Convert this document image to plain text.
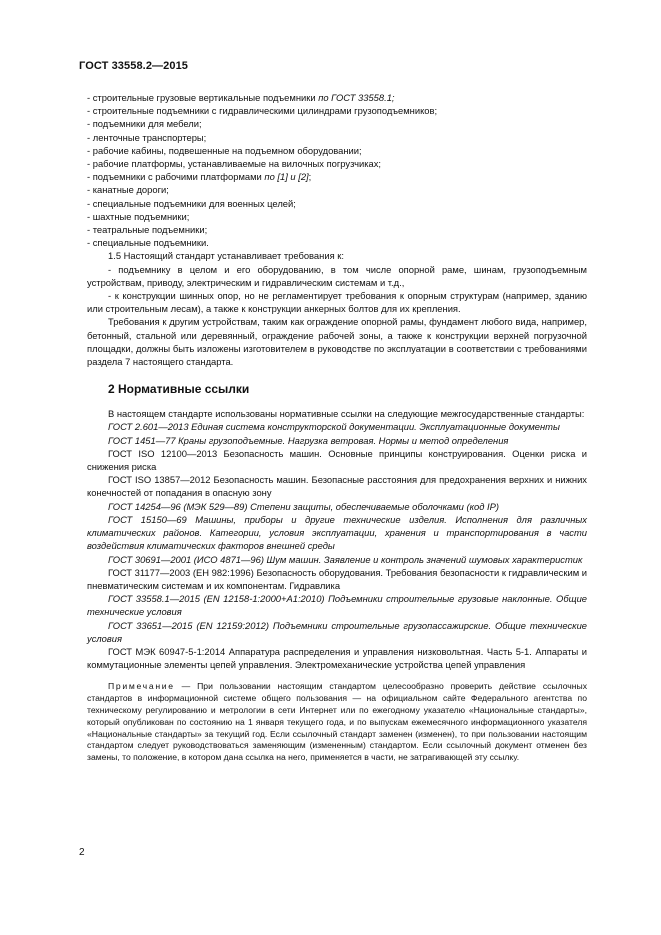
ГОСТ 33558.2—2015
- строительные грузовые вертикальные подъемники по ГОСТ 33558.1;
- строительные подъемники с гидравлическими цилиндрами грузоподъемников;
- подъемники для мебели;
- ленточные транспортеры;
- рабочие кабины, подвешенные на подъемном оборудовании;
- рабочие платформы, устанавливаемые на вилочных погрузчиках;
- подъемники с рабочими платформами по [1] и [2];
- канатные дороги;
- специальные подъемники для военных целей;
- шахтные подъемники;
- театральные подъемники;
- специальные подъемники.
1.5 Настоящий стандарт устанавливает требования к:
- подъемнику в целом и его оборудованию, в том числе опорной раме, шинам, грузоподъемным устройствам, приводу, электрическим и гидравлическим системам и т.д.,
- к конструкции шинных опор, но не регламентирует требования к опорным структурам (например, зданию или строительным лесам), а также к конструкции анкерных болтов для их крепления.
Требования к другим устройствам, таким как ограждение опорной рамы, фундамент любого вида, например, бетонный, стальной или деревянный, ограждение рабочей зоны, а также к конструкции верхней погрузочной площадки, должны быть изложены изготовителем в руководстве по эксплуатации в соответствии с требованиями раздела 7 настоящего стандарта.
2 Нормативные ссылки
В настоящем стандарте использованы нормативные ссылки на следующие межгосударственные стандарты:
ГОСТ 2.601—2013 Единая система конструкторской документации. Эксплуатационные документы
ГОСТ 1451—77 Краны грузоподъемные. Нагрузка ветровая. Нормы и метод определения
ГОСТ ISO 12100—2013 Безопасность машин. Основные принципы конструирования. Оценки риска и снижения риска
ГОСТ ISO 13857—2012 Безопасность машин. Безопасные расстояния для предохранения верхних и нижних конечностей от попадания в опасную зону
ГОСТ 14254—96 (МЭК 529—89) Степени защиты, обеспечиваемые оболочками (код IP)
ГОСТ 15150—69 Машины, приборы и другие технические изделия. Исполнения для различных климатических районов. Категории, условия эксплуатации, хранения и транспортирования в части воздействия климатических факторов внешней среды
ГОСТ 30691—2001 (ИСО 4871—96) Шум машин. Заявление и контроль значений шумовых характеристик
ГОСТ 31177—2003 (ЕН 982:1996) Безопасность оборудования. Требования безопасности к гидравлическим и пневматическим системам и их компонентам. Гидравлика
ГОСТ 33558.1—2015 (EN 12158-1:2000+A1:2010) Подъемники строительные грузовые наклонные. Общие технические условия
ГОСТ 33651—2015 (EN 12159:2012) Подъемники строительные грузопассажирские. Общие технические условия
ГОСТ МЭК 60947-5-1:2014 Аппаратура распределения и управления низковольтная. Часть 5-1. Аппараты и коммутационные элементы цепей управления. Электромеханические устройства цепей управления
Примечание — При пользовании настоящим стандартом целесообразно проверить действие ссылочных стандартов в информационной системе общего пользования — на официальном сайте Федерального агентства по техническому регулированию и метрологии в сети Интернет или по ежегодному указателю «Национальные стандарты», который опубликован по состоянию на 1 января текущего года, и по выпускам ежемесячного информационного указателя «Национальные стандарты» за текущий год. Если ссылочный стандарт заменен (изменен), то при пользовании настоящим стандартом следует руководствоваться заменяющим (измененным) стандартом. Если ссылочный документ отменен без замены, то положение, в котором дана ссылка на него, применяется в части, не затрагивающей эту ссылку.
2
